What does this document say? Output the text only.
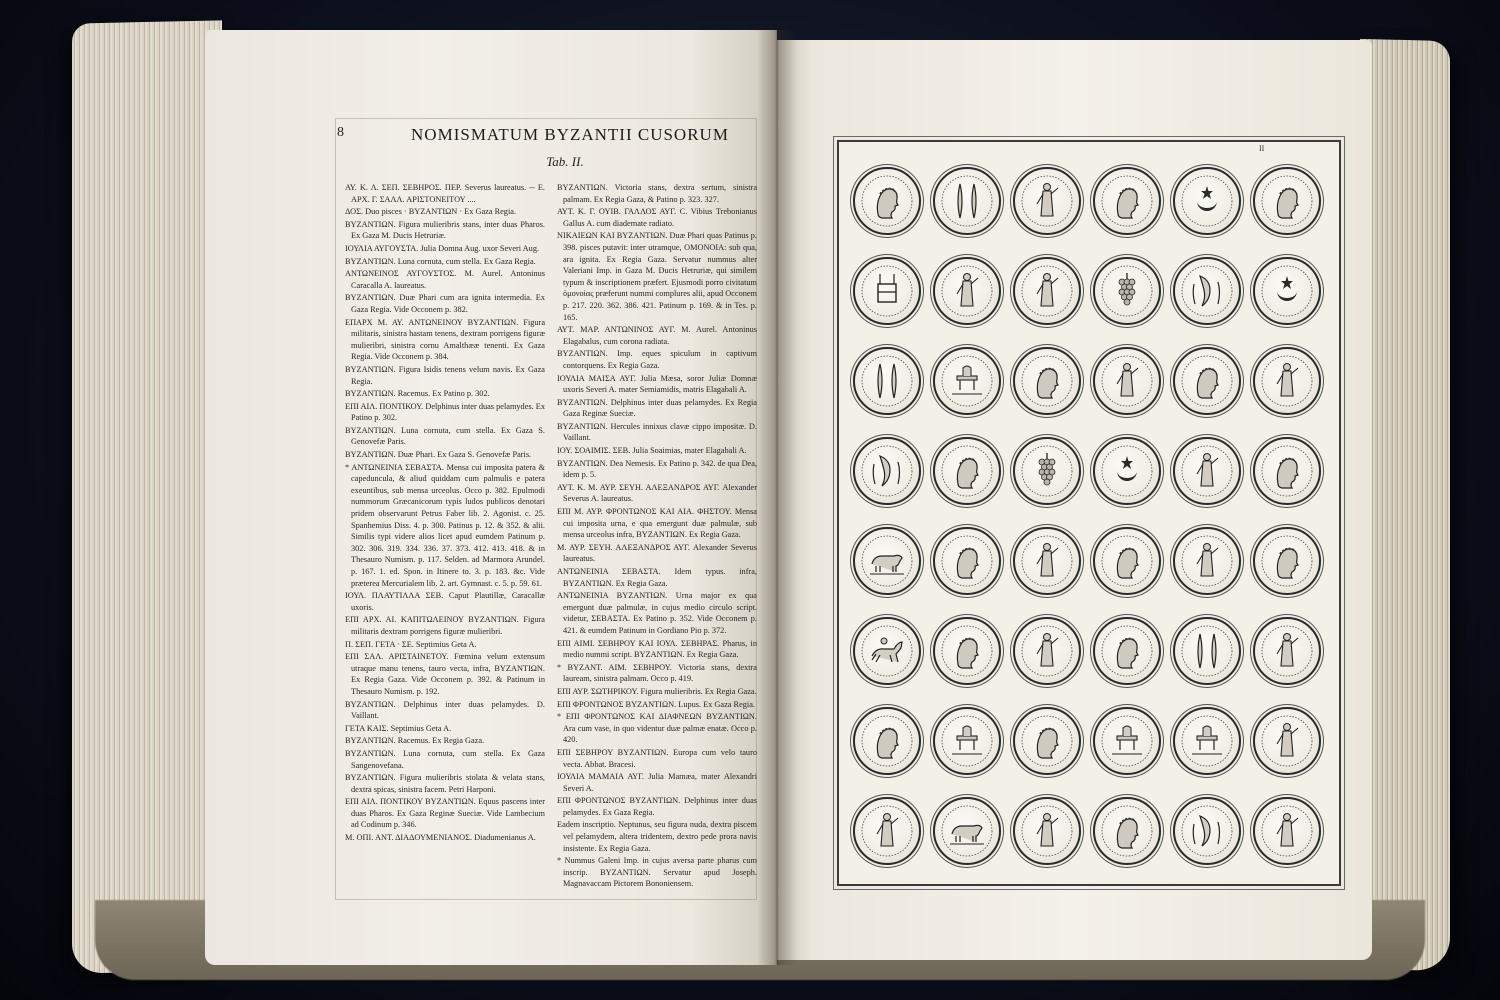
8	NOMISMATUM BYZANTII CUSORUM
Tab. II.

ΑΥ. Κ. Λ. ΣΕΠ. ΣΕΒΗΡΟΣ. ΠΕΡ. Severus laureatus. -- Ε. ΑΡΧ. Γ. ΣΑΛΛ. ΑΡΙΣΤΟΝΕΙΤΟΥ ....

ΔΟΣ. Duo pisces · ΒΥΖΑΝΤΙΩΝ · Ex Gaza Regia.

ΒΥΖΑΝΤΙΩΝ. Figura mulieribris stans, inter duas Pharos. Ex Gaza M. Ducis Hetruriæ.

ΙΟΥΛΙΑ ΑΥΓΟΥΣΤΑ. Julia Domna Aug. uxor Severi Aug.

ΒΥΖΑΝΤΙΩΝ. Luna cornuta, cum stella. Ex Gaza Regia.

ΑΝΤΩΝΕΙΝΟΣ ΑΥΓΟΥΣΤΟΣ. M. Aurel. Antoninus Caracalla A. laureatus.

ΒΥΖΑΝΤΙΩΝ. Duæ Phari cum ara ignita intermedia. Ex Gaza Regia. Vide Occonem p. 382.

ΕΠΑΡΧ Μ. ΑΥ. ΑΝΤΩΝΕΙΝΟΥ ΒΥΖΑΝΤΙΩΝ. Figura militaris, sinistra hastam tenens, dextram porrigens figuræ mulieribri, sinistra cornu Amalthææ tenenti. Ex Gaza Regia. Vide Occonem p. 384.

ΒΥΖΑΝΤΙΩΝ. Figura Isidis tenens velum navis. Ex Gaza Regia.

ΒΥΖΑΝΤΙΩΝ. Racemus. Ex Patino p. 302.

ΕΠΙ ΑΙΛ. ΠΟΝΤΙΚΟΥ. Delphinus inter duas pelamydes. Ex Patino p. 302.

ΒΥΖΑΝΤΙΩΝ. Luna cornuta, cum stella. Ex Gaza S. Genovefæ Paris.

ΒΥΖΑΝΤΙΩΝ. Duæ Phari. Ex Gaza S. Genovefæ Paris.

* ΑΝΤΩΝΕΙΝΙΑ ΣΕΒΑΣΤΑ. Mensa cui imposita patera & capeduncula, & aliud quiddam cum palmulis e patera exeuntibus, sub mensa urceolus. Occo p. 382. Epulmodi nummorum Græcanicorum typis ludos publicos denotari pridem observarunt Petrus Faber lib. 2. Agonist. c. 25. Spanhemius Diss. 4. p. 300. Patinus p. 12. & 352. & alii. Similis typi videre alios licet apud eumdem Patinum p. 302. 306. 319. 334. 336. 37. 373. 412. 413. 418. & in Thesauro Numism. p. 117. Selden. ad Marmora Arundel. p. 167. 1. ed. Spon. in Itinere to. 3. p. 183. &c. Vide præterea Mercurialem lib. 2. art. Gymnast. c. 5. p. 59. 61.

ΙΟΥΛ. ΠΛΑΥΤΙΛΛΑ ΣΕΒ. Caput Plautillæ, Caracallæ uxoris.

ΕΠΙ ΑΡΧ. ΑΙ. ΚΑΠΙΤΩΛΕΙΝΟΥ ΒΥΖΑΝΤΙΩΝ. Figura militaris dextram porrigens figuræ mulieribri.

Π. ΣΕΠ. ΓΕΤΑ · ΣΕ. Septimius Geta A.

ΕΠΙ ΣΑΛ. ΑΡΙΣΤΑΙΝΕΤΟΥ. Fœmina velum extensum utraque manu tenens, tauro vecta, infra, ΒΥΖΑΝΤΙΩΝ. Ex Regia Gaza. Vide Occonem p. 392. & Patinum in Thesauro Numism. p. 192.

ΒΥΖΑΝΤΙΩΝ. Delphinus inter duas pelamydes. D. Vaillant.

ΓΕΤΑ ΚΑΙΣ. Septimius Geta A.

ΒΥΖΑΝΤΙΩΝ. Racemus. Ex Regia Gaza.

ΒΥΖΑΝΤΙΩΝ. Luna cornuta, cum stella. Ex Gaza Sangenovefana.

ΒΥΖΑΝΤΙΩΝ. Figura mulieribris stolata & velata stans, dextra spicas, sinistra facem. Petri Harponi.

ΕΠΙ ΑΙΛ. ΠΟΝΤΙΚΟΥ ΒΥΖΑΝΤΙΩΝ. Equus pascens inter duas Pharos. Ex Gaza Reginæ Sueciæ. Vide Lambecium ad Codinum p. 346.

Μ. ΟΠΙ. ΑΝΤ. ΔΙΑΔΟΥΜΕΝΙΑΝΟΣ. Diadumenianus A.

ΒΥΖΑΝΤΙΩΝ. Victoria stans, dextra sertum, sinistra palmam. Ex Regia Gaza, & Patino p. 323. 327.

ΑΥΤ. Κ. Γ. ΟΥΙΒ. ΓΑΛΛΟΣ ΑΥΓ. C. Vibius Trebonianus Gallus A. cum diademate radiato.

ΝΙΚΑΙΕΩΝ ΚΑΙ ΒΥΖΑΝΤΙΩΝ. Duæ Phari quas Patinus p. 398. pisces putavit: inter utramque, ΟΜΟΝΟΙΑ: sub qua, ara ignita. Ex Regia Gaza. Servatur nummus alter Valeriani Imp. in Gaza M. Ducis Hetruriæ, qui similem typum & inscriptionem præfert. Ejusmodi porro civitatum ὁμονοίας præferunt nummi complures alii, apud Occonem p. 217. 220. 362. 386. 421. Patinum p. 169. & in Tes. p. 165.

ΑΥΤ. ΜΑΡ. ΑΝΤΩΝΙΝΟΣ ΑΥΓ. M. Aurel. Antoninus Elagabalus, cum corona radiata.

ΒΥΖΑΝΤΙΩΝ. Imp. eques spiculum in captivum contorquens. Ex Regia Gaza.

ΙΟΥΛΙΑ ΜΑΙΣΑ ΑΥΓ. Julia Mæsa, soror Juliæ Domnæ uxoris Severi A. mater Semiamidis, matris Elagabali A.

ΒΥΖΑΝΤΙΩΝ. Delphinus inter duas pelamydes. Ex Regia Gaza Reginæ Sueciæ.

ΒΥΖΑΝΤΙΩΝ. Hercules innixus clavæ cippo impositæ. D. Vaillant.

ΙΟΥ. ΣΟΑΙΜΙΣ. ΣΕΒ. Julia Soaimias, mater Elagabali A.

ΒΥΖΑΝΤΙΩΝ. Dea Nemesis. Ex Patino p. 342. de qua Dea, idem p. 5.

ΑΥΤ. Κ. Μ. ΑΥΡ. ΣΕΥΗ. ΑΛΕΞΑΝΔΡΟΣ ΑΥΓ. Alexander Severus A. laureatus.

ΕΠΙ Μ. ΑΥΡ. ΦΡΟΝΤΩΝΟΣ ΚΑΙ ΑΙΑ. ΦΗΣΤΟΥ. Mensa cui imposita urna, e qua emergunt duæ palmulæ, sub mensa urceolus infra, ΒΥΖΑΝΤΙΩΝ. Ex Regia Gaza.

Μ. ΑΥΡ. ΣΕΥΗ. ΑΛΕΞΑΝΔΡΟΣ ΑΥΓ. Alexander Severus laureatus.

ΑΝΤΩΝΕΙΝΙΑ ΣΕΒΑΣΤΑ. Idem typus. infra, ΒΥΖΑΝΤΙΩΝ. Ex Regia Gaza.

ΑΝΤΩΝΕΙΝΙΑ ΒΥΖΑΝΤΙΩΝ. Urna major ex qua emergunt duæ palmulæ, in cujus medio circulo script. videtur, ΣΕΒΑΣΤΑ. Ex Patino p. 352. Vide Occonem p. 421. & eumdem Patinum in Gordiano Pio p. 372.

ΕΠΙ ΑΙΜΙ. ΣΕΒΗΡΟΥ ΚΑΙ ΙΟΥΛ. ΣΕΒΗΡΑΣ. Pharus, in medio nummi script. ΒΥΖΑΝΤΙΩΝ. Ex Regia Gaza.

* ΒΥΖΑΝΤ. ΑΙΜ. ΣΕΒΗΡΟΥ. Victoria stans, dextra lauream, sinistra palmam. Occo p. 419.

ΕΠΙ ΑΥΡ. ΣΩΤΗΡΙΚΟΥ. Figura mulieribris. Ex Regia Gaza.

ΕΠΙ ΦΡΟΝΤΩΝΟΣ ΒΥΖΑΝΤΙΩΝ. Lupus. Ex Gaza Regia.

* ΕΠΙ ΦΡΟΝΤΩΝΟΣ ΚΑΙ ΔΙΑΦΝΕΩΝ ΒΥΖΑΝΤΙΩΝ. Ara cum vase, in quo videntur duæ palmæ enatæ. Occo p. 420.

ΕΠΙ ΣΕΒΗΡΟΥ ΒΥΖΑΝΤΙΩΝ. Europa cum velo tauro vecta. Abbat. Bracesi.

ΙΟΥΛΙΑ ΜΑΜΑΙΑ ΑΥΓ. Julia Mamæa, mater Alexandri Severi A.

ΕΠΙ ΦΡΟΝΤΩΝΟΣ ΒΥΖΑΝΤΙΩΝ. Delphinus inter duas pelamydes. Ex Gaza Regia.

Eadem inscriptio. Neptunus, seu figura nuda, dextra piscem vel pelamydem, altera tridentem, dextro pede prora navis insistente. Ex Regia Gaza.

* Nummus Galeni Imp. in cujus aversa parte pharus cum inscrip. ΒΥΖΑΝΤΙΩΝ. Servatur apud Joseph. Magnavaccam Pictorem Bononiensem.

II
